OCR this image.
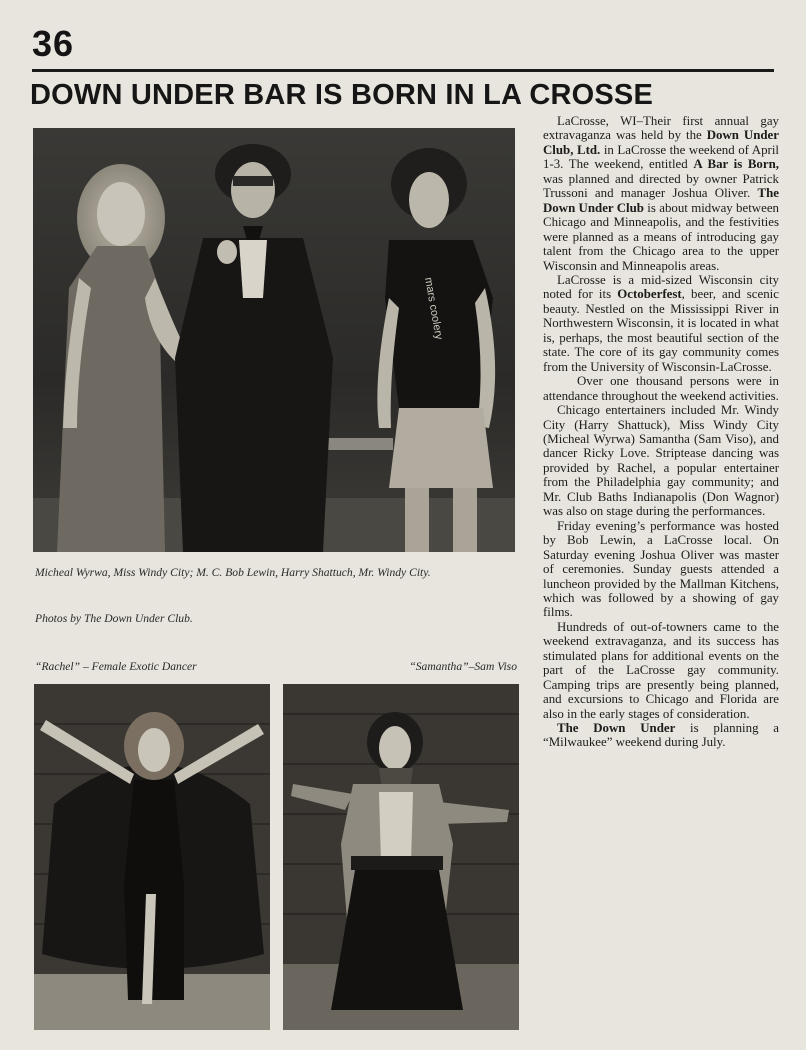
36
DOWN UNDER BAR IS BORN IN LA CROSSE
mars coolery
Micheal Wyrwa, Miss Windy City; M. C. Bob Lewin, Harry Shattuch, Mr. Windy City.
Photos by The Down Under Club.
“Rachel” – Female Exotic Dancer	“Samantha”–Sam Viso

LaCrosse, WI–Their first annual gay extravaganza was held by the Down Under Club, Ltd. in LaCrosse the weekend of April 1-3. The weekend, entitled A Bar is Born, was planned and directed by owner Patrick Trussoni and manager Joshua Oliver. The Down Under Club is about midway between Chicago and Minneapolis, and the festivities were planned as a means of introducing gay talent from the Chicago area to the upper Wisconsin and Minneapolis areas.

LaCrosse is a mid-sized Wisconsin city noted for its Octoberfest, beer, and scenic beauty. Nestled on the Mississippi River in Northwestern Wisconsin, it is located in what is, perhaps, the most beautiful section of the state. The core of its gay community comes from the University of Wisconsin-LaCrosse.

Over one thousand persons were in attendance throughout the weekend activities.

Chicago entertainers included Mr. Windy City (Harry Shattuck), Miss Windy City (Micheal Wyrwa) Samantha (Sam Viso), and dancer Ricky Love. Striptease dancing was provided by Rachel, a popular entertainer from the Philadelphia gay community; and Mr. Club Baths Indianapolis (Don Wagnor) was also on stage during the performances.

Friday evening’s performance was hosted by Bob Lewin, a LaCrosse local. On Saturday evening Joshua Oliver was master of ceremonies. Sunday guests attended a luncheon provided by the Mallman Kitchens, which was followed by a showing of gay films.

Hundreds of out-of-towners came to the weekend extravaganza, and its success has stimulated plans for additional events on the part of the LaCrosse gay community. Camping trips are presently being planned, and excursions to Chicago and Florida are also in the early stages of consideration.

The Down Under is planning a “Milwaukee” weekend during July.
